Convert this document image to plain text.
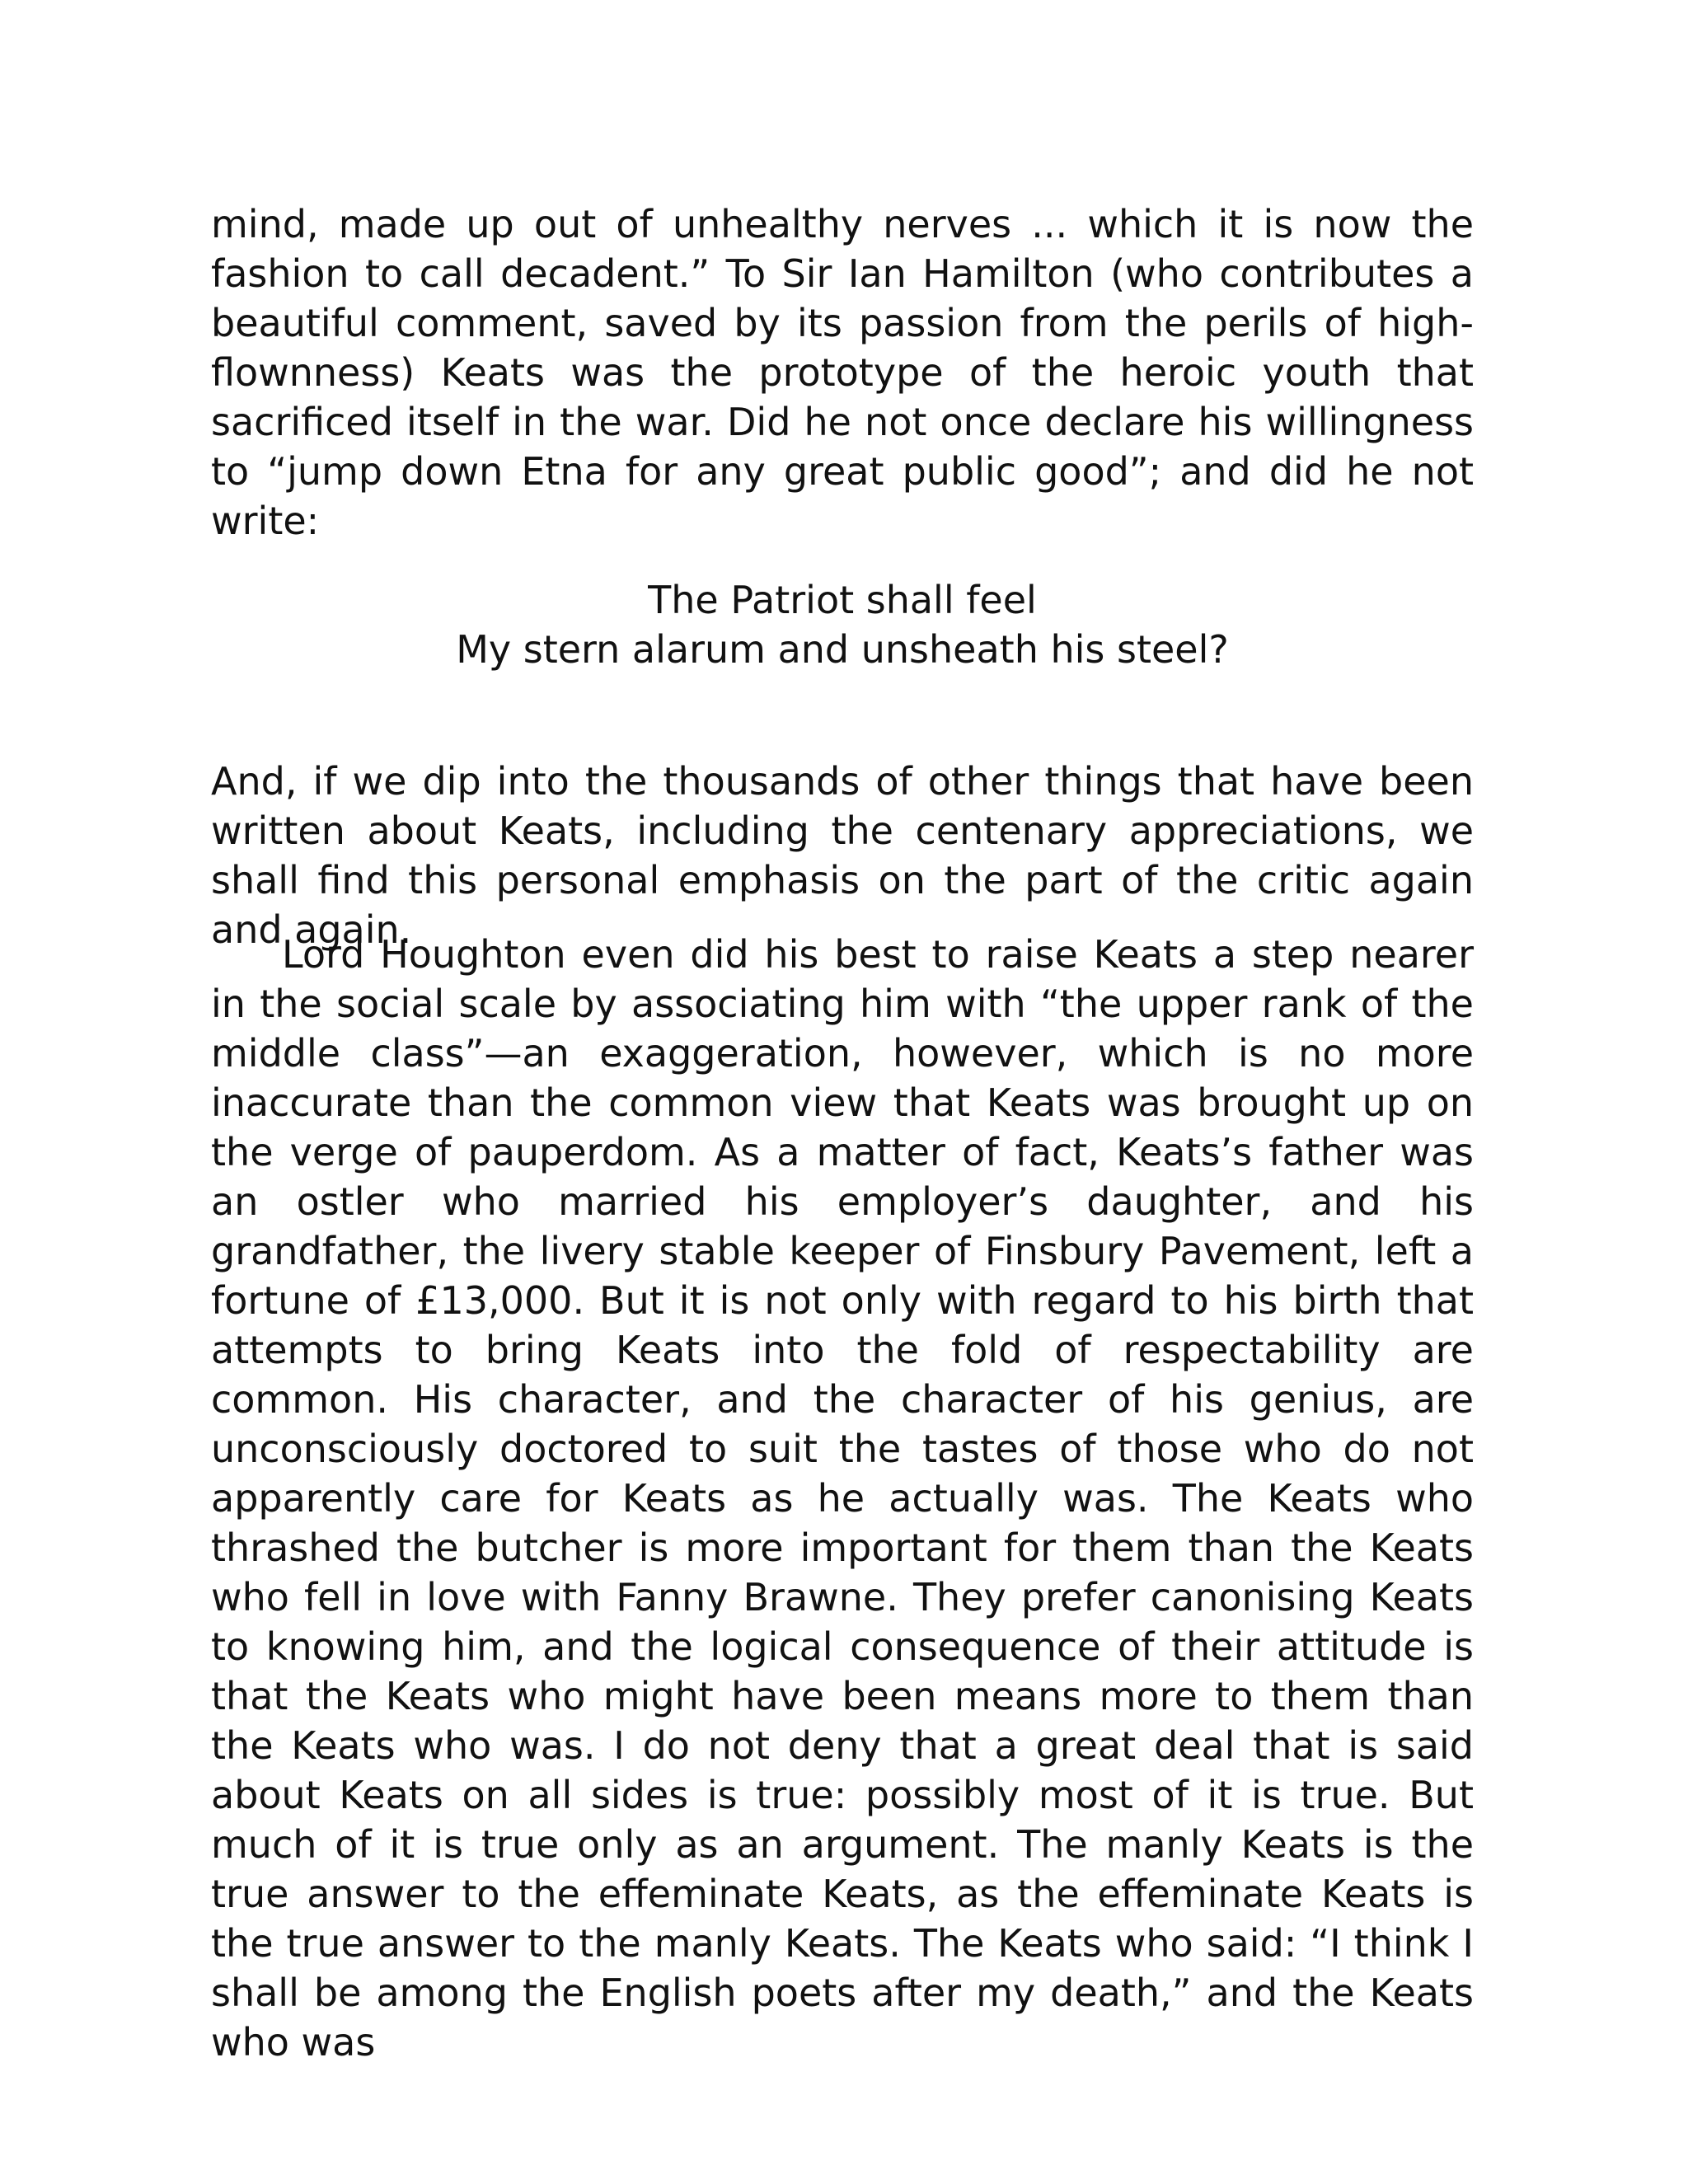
mind, made up out of unhealthy nerves ... which it is now the fashion to call decadent.” To Sir Ian Hamilton (who contributes a beautiful comment, saved by its passion from the perils of high-flownness) Keats was the prototype of the heroic youth that sacrificed itself in the war. Did he not once declare his willingness to “jump down Etna for any great public good”; and did he not write:
The Patriot shall feel
My stern alarum and unsheath his steel?
And, if we dip into the thousands of other things that have been written about Keats, including the centenary appreciations, we shall find this personal emphasis on the part of the critic again and again.
Lord Houghton even did his best to raise Keats a step nearer in the social scale by associating him with “the upper rank of the middle class”—an exaggeration, however, which is no more inaccurate than the common view that Keats was brought up on the verge of pauperdom. As a matter of fact, Keats’s father was an ostler who married his employer’s daughter, and his grandfather, the livery stable keeper of Finsbury Pavement, left a fortune of £13,000. But it is not only with regard to his birth that attempts to bring Keats into the fold of respectability are common. His character, and the character of his genius, are unconsciously doctored to suit the tastes of those who do not apparently care for Keats as he actually was. The Keats who thrashed the butcher is more important for them than the Keats who fell in love with Fanny Brawne. They prefer canonising Keats to knowing him, and the logical consequence of their attitude is that the Keats who might have been means more to them than the Keats who was. I do not deny that a great deal that is said about Keats on all sides is true: possibly most of it is true. But much of it is true only as an argument. The manly Keats is the true answer to the effeminate Keats, as the effeminate Keats is the true answer to the manly Keats. The Keats who said: “I think I shall be among the English poets after my death,” and the Keats who was
